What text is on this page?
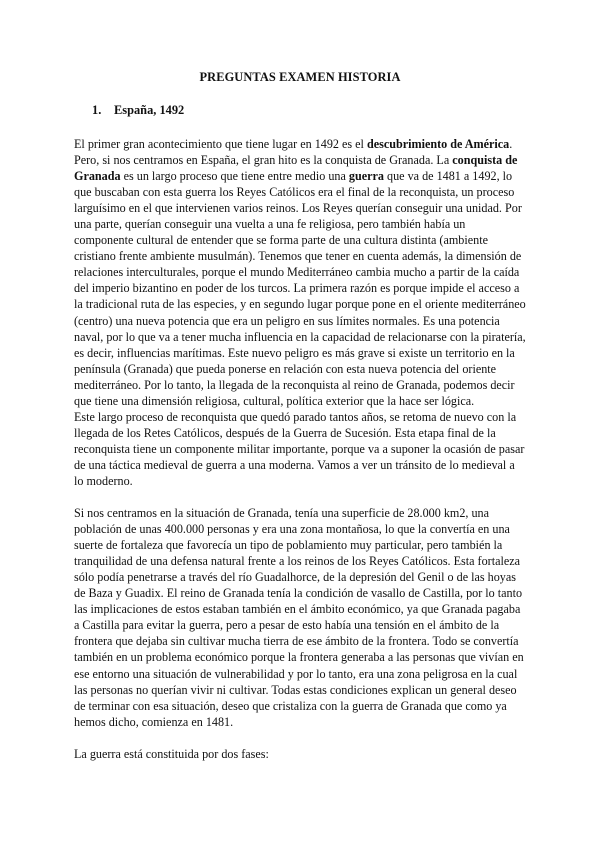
PREGUNTAS EXAMEN HISTORIA
1. España, 1492

El primer gran acontecimiento que tiene lugar en 1492 es el descubrimiento de América. Pero, si nos centramos en España, el gran hito es la conquista de Granada. La conquista de Granada es un largo proceso que tiene entre medio una guerra que va de 1481 a 1492, lo que buscaban con esta guerra los Reyes Católicos era el final de la reconquista, un proceso larguísimo en el que intervienen varios reinos. Los Reyes querían conseguir una unidad. Por una parte, querían conseguir una vuelta a una fe religiosa, pero también había un componente cultural de entender que se forma parte de una cultura distinta (ambiente cristiano frente ambiente musulmán). Tenemos que tener en cuenta además, la dimensión de relaciones interculturales, porque el mundo Mediterráneo cambia mucho a partir de la caída del imperio bizantino en poder de los turcos. La primera razón es porque impide el acceso a la tradicional ruta de las especies, y en segundo lugar porque pone en el oriente mediterráneo (centro) una nueva potencia que era un peligro en sus límites normales. Es una potencia naval, por lo que va a tener mucha influencia en la capacidad de relacionarse con la piratería, es decir, influencias marítimas. Este nuevo peligro es más grave si existe un territorio en la península (Granada) que pueda ponerse en relación con esta nueva potencia del oriente mediterráneo. Por lo tanto, la llegada de la reconquista al reino de Granada, podemos decir que tiene una dimensión religiosa, cultural, política exterior que la hace ser lógica.

Este largo proceso de reconquista que quedó parado tantos años, se retoma de nuevo con la llegada de los Retes Católicos, después de la Guerra de Sucesión. Esta etapa final de la reconquista tiene un componente militar importante, porque va a suponer la ocasión de pasar de una táctica medieval de guerra a una moderna. Vamos a ver un tránsito de lo medieval a lo moderno.

Si nos centramos en la situación de Granada, tenía una superficie de 28.000 km2, una población de unas 400.000 personas y era una zona montañosa, lo que la convertía en una suerte de fortaleza que favorecía un tipo de poblamiento muy particular, pero también la tranquilidad de una defensa natural frente a los reinos de los Reyes Católicos. Esta fortaleza sólo podía penetrarse a través del río Guadalhorce, de la depresión del Genil o de las hoyas de Baza y Guadix. El reino de Granada tenía la condición de vasallo de Castilla, por lo tanto las implicaciones de estos estaban también en el ámbito económico, ya que Granada pagaba a Castilla para evitar la guerra, pero a pesar de esto había una tensión en el ámbito de la frontera que dejaba sin cultivar mucha tierra de ese ámbito de la frontera. Todo se convertía también en un problema económico porque la frontera generaba a las personas que vivían en ese entorno una situación de vulnerabilidad y por lo tanto, era una zona peligrosa en la cual las personas no querían vivir ni cultivar. Todas estas condiciones explican un general deseo de terminar con esa situación, deseo que cristaliza con la guerra de Granada que como ya hemos dicho, comienza en 1481.

La guerra está constituida por dos fases:
